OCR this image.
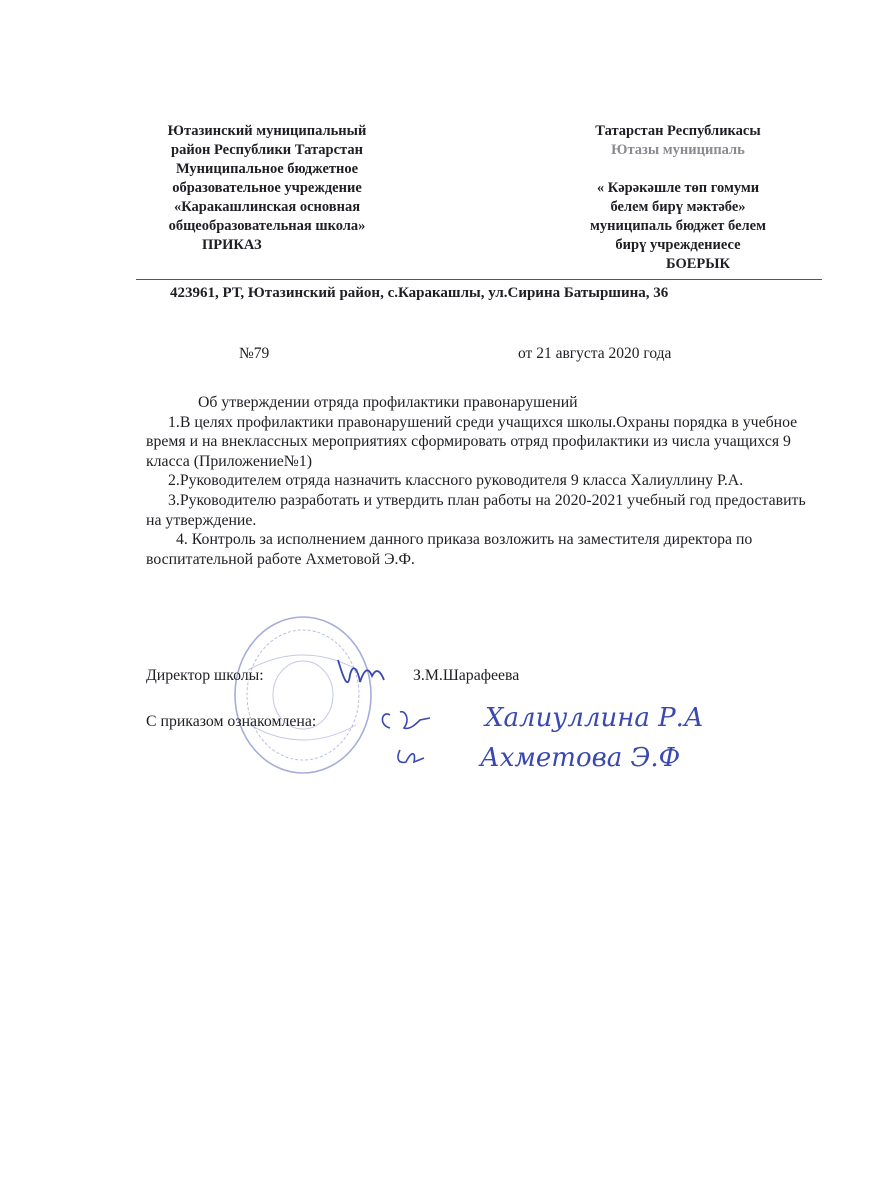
Ютазинский муниципальный
район Республики Татарстан
Муниципальное бюджетное
образовательное учреждение
«Каракашлинская основная
общеобразовательная школа»
ПРИКАЗ
Татарстан Республикасы
Ютазы муниципаль
« Кәрәкәшле төп гомуми
белем бирү мәктәбе»
муниципаль бюджет белем
бирү учреждениесе
БОЕРЫК
423961, РТ, Ютазинский район, с.Каракашлы, ул.Сирина Батыршина, 36
№79	от 21 августа 2020 года

Об утверждении отряда профилактики правонарушений

1.В целях профилактики правонарушений среди учащихся школы.Охраны порядка в учебное время и на внеклассных мероприятиях сформировать отряд профилактики из числа учащихся 9 класса (Приложение№1)

2.Руководителем отряда назначить классного руководителя 9 класса Халиуллину Р.А.

3.Руководителю разработать и утвердить план работы на 2020-2021 учебный год предоставить на утверждение.

4. Контроль за исполнением данного приказа возложить на заместителя директора по воспитательной работе Ахметовой Э.Ф.

Директор школы:	З.М.Шарафеева
С приказом ознакомлена:	Халиуллина Р.А
Ахметова Э.Ф
